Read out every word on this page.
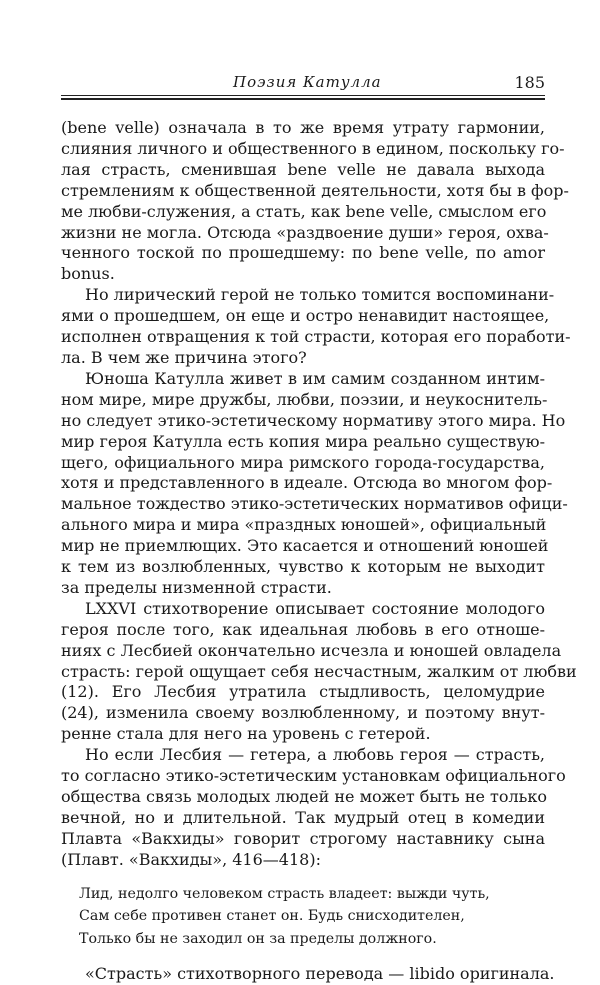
Поэзия Катулла	185
(bene velle) означала в то же время утрату гармонии,
слияния личного и общественного в едином, поскольку го-
лая страсть, сменившая bene velle не давала выхода
стремлениям к общественной деятельности, хотя бы в фор-
ме любви-служения, а стать, как bene velle, смыслом его
жизни не могла. Отсюда «раздвоение души» героя, охва-
ченного тоской по прошедшему: по bene velle, по amor
bonus.
Но лирический герой не только томится воспоминани-
ями о прошедшем, он еще и остро ненавидит настоящее,
исполнен отвращения к той страсти, которая его поработи-
ла. В чем же причина этого?
Юноша Катулла живет в им самим созданном интим-
ном мире, мире дружбы, любви, поэзии, и неукоснитель-
но следует этико-эстетическому нормативу этого мира. Но
мир героя Катулла есть копия мира реально существую-
щего, официального мира римского города-государства,
хотя и представленного в идеале. Отсюда во многом фор-
мальное тождество этико-эстетических нормативов офици-
ального мира и мира «праздных юношей», официальный
мир не приемлющих. Это касается и отношений юношей
к тем из возлюбленных, чувство к которым не выходит
за пределы низменной страсти.
LXXVI стихотворение описывает состояние молодого
героя после того, как идеальная любовь в его отноше-
ниях с Лесбией окончательно исчезла и юношей овладела
страсть: герой ощущает себя несчастным, жалким от любви
(12). Его Лесбия утратила стыдливость, целомудрие
(24), изменила своему возлюбленному, и поэтому внут-
ренне стала для него на уровень с гетерой.
Но если Лесбия — гетера, а любовь героя — страсть,
то согласно этико-эстетическим установкам официального
общества связь молодых людей не может быть не только
вечной, но и длительной. Так мудрый отец в комедии
Плавта «Вакхиды» говорит строгому наставнику сына
(Плавт. «Вакхиды», 416—418):
Лид, недолго человеком страсть владеет: выжди чуть,
Сам себе противен станет он. Будь снисходителен,
Только бы не заходил он за пределы должного.
«Страсть» стихотворного перевода — libido оригинала.
